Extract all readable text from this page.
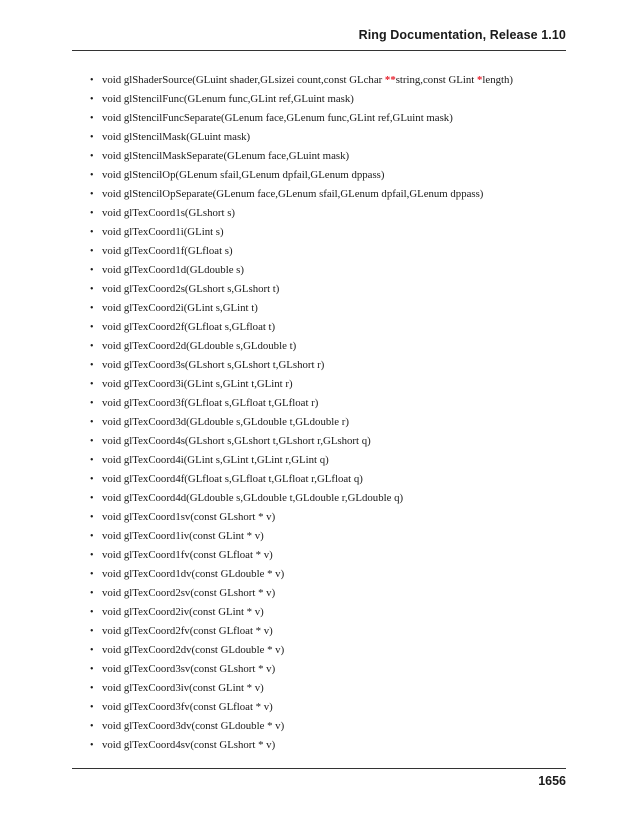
Ring Documentation, Release 1.10
• void glShaderSource(GLuint shader,GLsizei count,const GLchar **string,const GLint *length)
• void glStencilFunc(GLenum func,GLint ref,GLuint mask)
• void glStencilFuncSeparate(GLenum face,GLenum func,GLint ref,GLuint mask)
• void glStencilMask(GLuint mask)
• void glStencilMaskSeparate(GLenum face,GLuint mask)
• void glStencilOp(GLenum sfail,GLenum dpfail,GLenum dppass)
• void glStencilOpSeparate(GLenum face,GLenum sfail,GLenum dpfail,GLenum dppass)
• void glTexCoord1s(GLshort s)
• void glTexCoord1i(GLint s)
• void glTexCoord1f(GLfloat s)
• void glTexCoord1d(GLdouble s)
• void glTexCoord2s(GLshort s,GLshort t)
• void glTexCoord2i(GLint s,GLint t)
• void glTexCoord2f(GLfloat s,GLfloat t)
• void glTexCoord2d(GLdouble s,GLdouble t)
• void glTexCoord3s(GLshort s,GLshort t,GLshort r)
• void glTexCoord3i(GLint s,GLint t,GLint r)
• void glTexCoord3f(GLfloat s,GLfloat t,GLfloat r)
• void glTexCoord3d(GLdouble s,GLdouble t,GLdouble r)
• void glTexCoord4s(GLshort s,GLshort t,GLshort r,GLshort q)
• void glTexCoord4i(GLint s,GLint t,GLint r,GLint q)
• void glTexCoord4f(GLfloat s,GLfloat t,GLfloat r,GLfloat q)
• void glTexCoord4d(GLdouble s,GLdouble t,GLdouble r,GLdouble q)
• void glTexCoord1sv(const GLshort * v)
• void glTexCoord1iv(const GLint * v)
• void glTexCoord1fv(const GLfloat * v)
• void glTexCoord1dv(const GLdouble * v)
• void glTexCoord2sv(const GLshort * v)
• void glTexCoord2iv(const GLint * v)
• void glTexCoord2fv(const GLfloat * v)
• void glTexCoord2dv(const GLdouble * v)
• void glTexCoord3sv(const GLshort * v)
• void glTexCoord3iv(const GLint * v)
• void glTexCoord3fv(const GLfloat * v)
• void glTexCoord3dv(const GLdouble * v)
• void glTexCoord4sv(const GLshort * v)
1656
